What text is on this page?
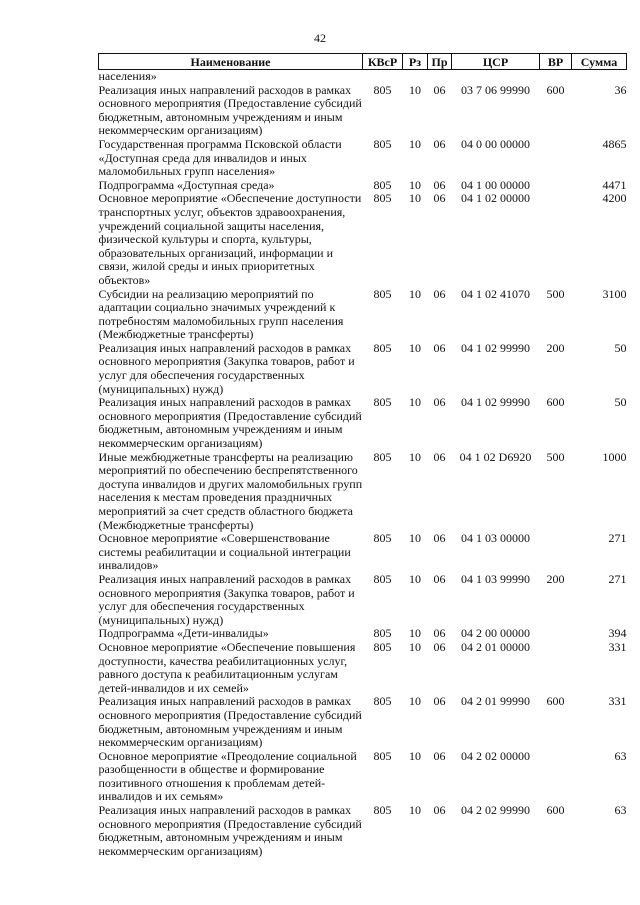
42
Наименование	КВсР	Рз	Пр	ЦСР	ВР	Сумма
населения»						
Реализация иных направлений расходов в рамках основного мероприятия (Предоставление субсидий бюджетным, автономным учреждениям и иным некоммерческим организациям)	805	10	06	03 7 06 99990	600	36
Государственная программа Псковской области «Доступная среда для инвалидов и иных маломобильных групп населения»	805	10	06	04 0 00 00000		4865
Подпрограмма «Доступная среда»	805	10	06	04 1 00 00000		4471
Основное мероприятие «Обеспечение доступности транспортных услуг, объектов здравоохранения, учреждений социальной защиты населения, физической культуры и спорта, культуры, образовательных организаций, информации и связи, жилой среды и иных приоритетных объектов»	805	10	06	04 1 02 00000		4200
Субсидии на реализацию мероприятий по адаптации социально значимых учреждений к потребностям маломобильных групп населения (Межбюджетные трансферты)	805	10	06	04 1 02 41070	500	3100
Реализация иных направлений расходов в рамках основного мероприятия (Закупка товаров, работ и услуг для обеспечения государственных (муниципальных) нужд)	805	10	06	04 1 02 99990	200	50
Реализация иных направлений расходов в рамках основного мероприятия (Предоставление субсидий бюджетным, автономным учреждениям и иным некоммерческим организациям)	805	10	06	04 1 02 99990	600	50
Иные межбюджетные трансферты на реализацию мероприятий по обеспечению беспрепятственного доступа инвалидов и других маломобильных групп населения к местам проведения праздничных мероприятий за счет средств областного бюджета (Межбюджетные трансферты)	805	10	06	04 1 02 D6920	500	1000
Основное мероприятие «Совершенствование системы реабилитации и социальной интеграции инвалидов»	805	10	06	04 1 03 00000		271
Реализация иных направлений расходов в рамках основного мероприятия (Закупка товаров, работ и услуг для обеспечения государственных (муниципальных) нужд)	805	10	06	04 1 03 99990	200	271
Подпрограмма «Дети-инвалиды»	805	10	06	04 2 00 00000		394
Основное мероприятие «Обеспечение повышения доступности, качества реабилитационных услуг, равного доступа к реабилитационным услугам детей-инвалидов и их семей»	805	10	06	04 2 01 00000		331
Реализация иных направлений расходов в рамках основного мероприятия (Предоставление субсидий бюджетным, автономным учреждениям и иным некоммерческим организациям)	805	10	06	04 2 01 99990	600	331
Основное мероприятие «Преодоление социальной разобщенности в обществе и формирование позитивного отношения к проблемам детей-инвалидов и их семьям»	805	10	06	04 2 02 00000		63
Реализация иных направлений расходов в рамках основного мероприятия (Предоставление субсидий бюджетным, автономным учреждениям и иным некоммерческим организациям)	805	10	06	04 2 02 99990	600	63
